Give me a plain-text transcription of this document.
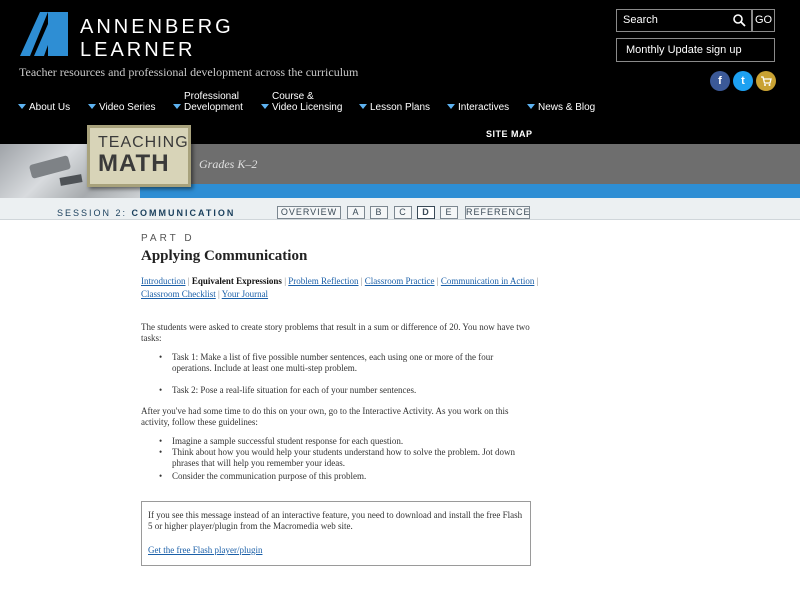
ANNENBERG
LEARNER
Teacher resources and professional development across the curriculum
Search	GO
Monthly Update sign up
f	t
About Us	Video Series
Professional
Development
Course &
Video Licensing	Lesson Plans	Interactives	News & Blog
SITE MAP
TEACHING
MATH Grades K–2
SESSION 2: COMMUNICATION	OVERVIEW	A	B	C	D	E	REFERENCE
PART D
Applying Communication
Introduction | Equivalent Expressions | Problem Reflection | Classroom Practice | Communication in Action |
Classroom Checklist | Your Journal
The students were asked to create story problems that result in a sum or difference of 20. You now have two tasks:
• Task 1: Make a list of five possible number sentences, each using one or more of the four operations. Include at least one multi-step problem.
• Task 2: Pose a real-life situation for each of your number sentences.
After you've had some time to do this on your own, go to the Interactive Activity. As you work on this activity, follow these guidelines:
• Imagine a sample successful student response for each question.
• Think about how you would help your students understand how to solve the problem. Jot down phrases that will help you remember your ideas.
• Consider the communication purpose of this problem.
If you see this message instead of an interactive feature, you need to download and install the free Flash 5 or higher player/plugin from the Macromedia web site.
Get the free Flash player/plugin
